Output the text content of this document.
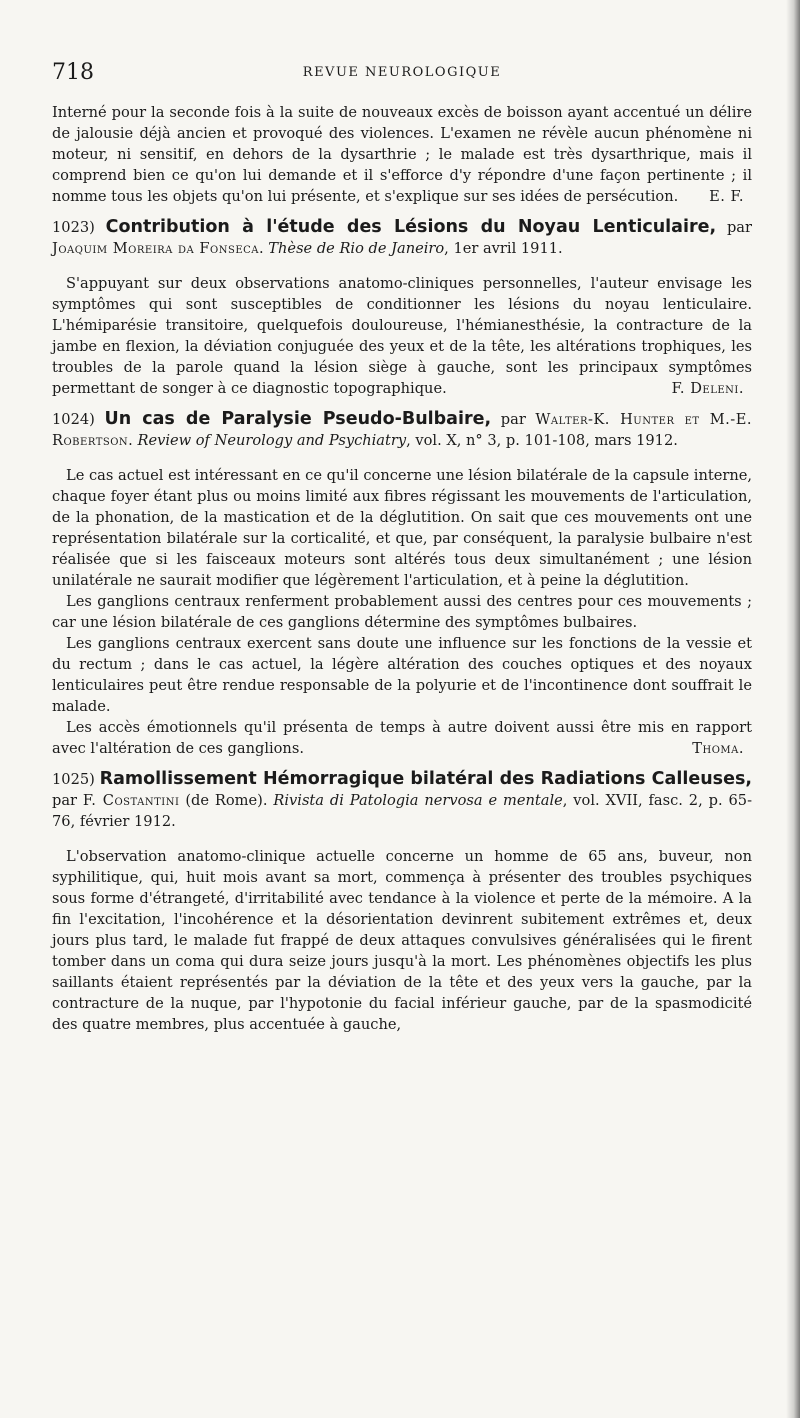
718	REVUE NEUROLOGIQUE

Interné pour la seconde fois à la suite de nouveaux excès de boisson ayant accentué un délire de jalousie déjà ancien et provoqué des violences. L'examen ne révèle aucun phénomène ni moteur, ni sensitif, en dehors de la dysarthrie ; le malade est très dysarthrique, mais il comprend bien ce qu'on lui demande et il s'efforce d'y répondre d'une façon pertinente ; il nomme tous les objets qu'on lui présente, et s'explique sur ses idées de persécution. E. F.

1023) Contribution à l'étude des Lésions du Noyau Lenticulaire, par Joaquim Moreira da Fonseca. Thèse de Rio de Janeiro, 1er avril 1911.

S'appuyant sur deux observations anatomo-cliniques personnelles, l'auteur envisage les symptômes qui sont susceptibles de conditionner les lésions du noyau lenticulaire. L'hémiparésie transitoire, quelquefois douloureuse, l'hémianesthésie, la contracture de la jambe en flexion, la déviation conjuguée des yeux et de la tête, les altérations trophiques, les troubles de la parole quand la lésion siège à gauche, sont les principaux symptômes permettant de songer à ce diagnostic topographique.	F. Deleni.

1024) Un cas de Paralysie Pseudo-Bulbaire, par Walter-K. Hunter et M.-E. Robertson. Review of Neurology and Psychiatry, vol. X, n° 3, p. 101-108, mars 1912.

Le cas actuel est intéressant en ce qu'il concerne une lésion bilatérale de la capsule interne, chaque foyer étant plus ou moins limité aux fibres régissant les mouvements de l'articulation, de la phonation, de la mastication et de la déglutition. On sait que ces mouvements ont une représentation bilatérale sur la corticalité, et que, par conséquent, la paralysie bulbaire n'est réalisée que si les faisceaux moteurs sont altérés tous deux simultanément ; une lésion unilatérale ne saurait modifier que légèrement l'articulation, et à peine la déglutition.

Les ganglions centraux renferment probablement aussi des centres pour ces mouvements ; car une lésion bilatérale de ces ganglions détermine des symptômes bulbaires.

Les ganglions centraux exercent sans doute une influence sur les fonctions de la vessie et du rectum ; dans le cas actuel, la légère altération des couches optiques et des noyaux lenticulaires peut être rendue responsable de la polyurie et de l'incontinence dont souffrait le malade.

Les accès émotionnels qu'il présenta de temps à autre doivent aussi être mis en rapport avec l'altération de ces ganglions.	Thoma.

1025) Ramollissement Hémorragique bilatéral des Radiations Calleuses, par F. Costantini (de Rome). Rivista di Patologia nervosa e mentale, vol. XVII, fasc. 2, p. 65-76, février 1912.

L'observation anatomo-clinique actuelle concerne un homme de 65 ans, buveur, non syphilitique, qui, huit mois avant sa mort, commença à présenter des troubles psychiques sous forme d'étrangeté, d'irritabilité avec tendance à la violence et perte de la mémoire. A la fin l'excitation, l'incohérence et la désorientation devinrent subitement extrêmes et, deux jours plus tard, le malade fut frappé de deux attaques convulsives généralisées qui le firent tomber dans un coma qui dura seize jours jusqu'à la mort. Les phénomènes objectifs les plus saillants étaient représentés par la déviation de la tête et des yeux vers la gauche, par la contracture de la nuque, par l'hypotonie du facial inférieur gauche, par de la spasmodicité des quatre membres, plus accentuée à gauche,
